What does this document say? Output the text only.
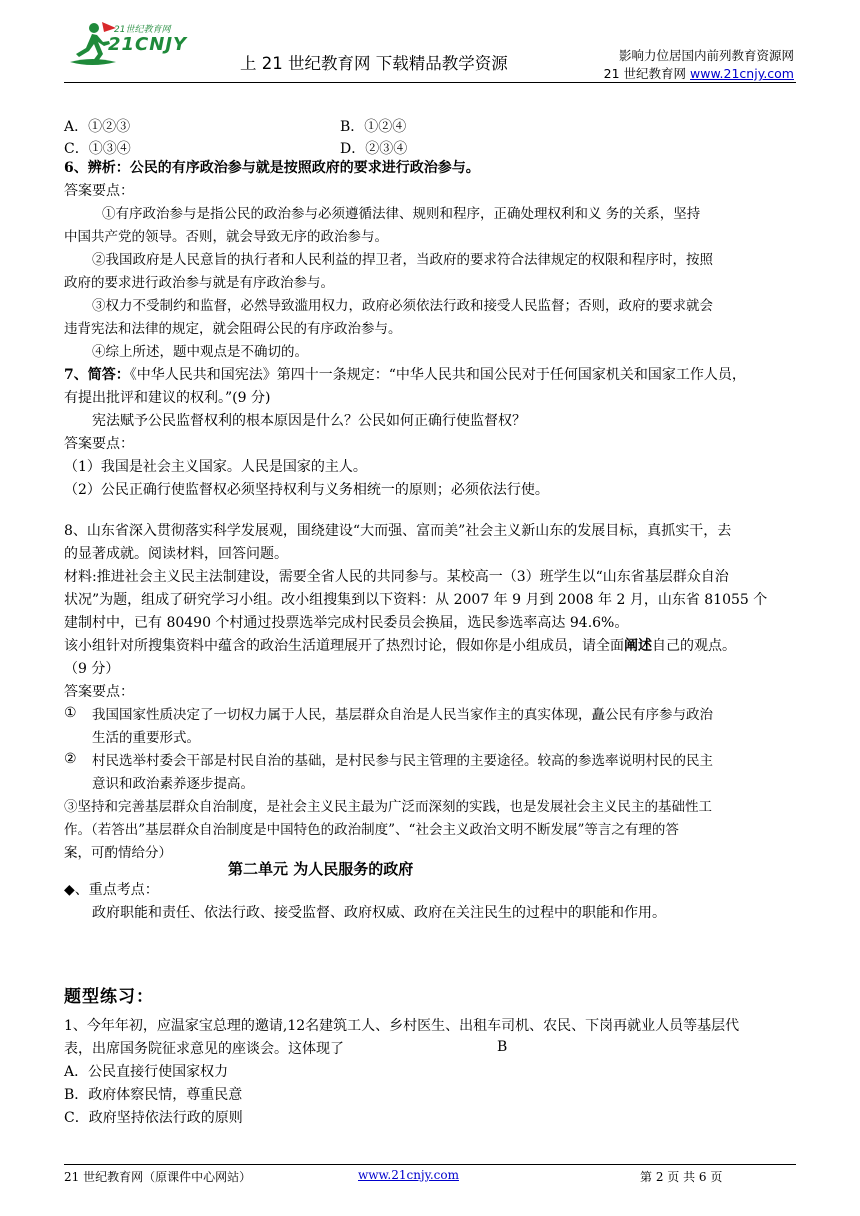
21世纪教育网
21CNJY
上 21 世纪教育网 下载精品教学资源	影响力位居国内前列教育资源网
21 世纪教育网 www.21cnjy.com
A．①②③	B．①②④
C．①③④	D．②③④
6、辨析：公民的有序政治参与就是按照政府的要求进行政治参与。
答案要点：
①有序政治参与是指公民的政治参与必须遵循法律、规则和程序，正确处理权利和义 务的关系，坚持
中国共产党的领导。否则，就会导致无序的政治参与。
②我国政府是人民意旨的执行者和人民利益的捍卫者，当政府的要求符合法律规定的权限和程序时，按照
政府的要求进行政治参与就是有序政治参与。
③权力不受制约和监督，必然导致滥用权力，政府必须依法行政和接受人民监督；否则，政府的要求就会
违背宪法和法律的规定，就会阻碍公民的有序政治参与。
④综上所述，题中观点是不确切的。
7、简答：《中华人民共和国宪法》第四十一条规定：“中华人民共和国公民对于任何国家机关和国家工作人员，
有提出批评和建议的权利。”(9 分)
宪法赋予公民监督权利的根本原因是什么？公民如何正确行使监督权？
答案要点：
（1）我国是社会主义国家。人民是国家的主人。
（2）公民正确行使监督权必须坚持权利与义务相统一的原则；必须依法行使。
8、山东省深入贯彻落实科学发展观，围绕建设“大而强、富而美”社会主义新山东的发展目标，真抓实干，去
的显著成就。阅读材料，回答问题。
材料:推进社会主义民主法制建设，需要全省人民的共同参与。某校高一（3）班学生以“山东省基层群众自治
状况”为题，组成了研究学习小组。改小组搜集到以下资料：从 2007 年 9 月到 2008 年 2 月，山东省 81055 个
建制村中，已有 80490 个村通过投票选举完成村民委员会换届，选民参选率高达 94.6%。
该小组针对所搜集资料中蕴含的政治生活道理展开了热烈讨论，假如你是小组成员，请全面阐述自己的观点。
（9 分）
答案要点：
① 我国国家性质决定了一切权力属于人民，基层群众自治是人民当家作主的真实体现，矗公民有序参与政治
生活的重要形式。
② 村民选举村委会干部是村民自治的基础，是村民参与民主管理的主要途径。较高的参选率说明村民的民主
意识和政治素养逐步提高。
③坚持和完善基层群众自治制度，是社会主义民主最为广泛而深刻的实践，也是发展社会主义民主的基础性工
作。（若答出”基层群众自治制度是中国特色的政治制度”、“社会主义政治文明不断发展”等言之有理的答
案，可酌情给分）
第二单元 为人民服务的政府
◆、重点考点：
政府职能和责任、依法行政、接受监督、政府权威、政府在关注民生的过程中的职能和作用。
题型练习：
1、今年年初，应温家宝总理的邀请,12名建筑工人、乡村医生、出租车司机、农民、下岗再就业人员等基层代
表，出席国务院征求意见的座谈会。这体现了	B
A．公民直接行使国家权力
B．政府体察民情，尊重民意
C．政府坚持依法行政的原则
21 世纪教育网（原课件中心网站）	www.21cnjy.com	第 2 页 共 6 页
